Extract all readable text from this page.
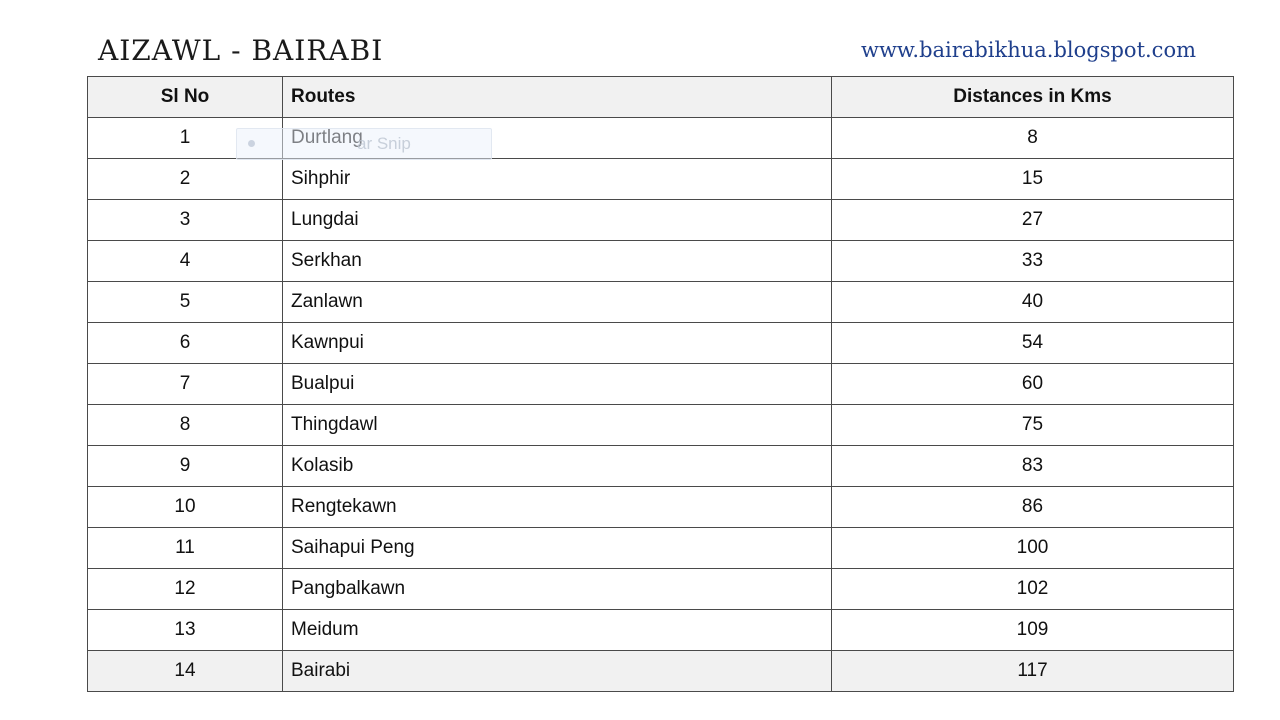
AIZAWL - BAIRABI	www.bairabikhua.blogspot.com
Sl No	Routes	Distances in Kms
1		8
2	Sihphir	15
3	Lungdai	27
4	Serkhan	33
5	Zanlawn	40
6	Kawnpui	54
7	Bualpui	60
8	Thingdawl	75
9	Kolasib	83
10	Rengtekawn	86
11	Saihapui Peng	100
12	Pangbalkawn	102
13	Meidum	109
14	Bairabi	117
ar Snip
